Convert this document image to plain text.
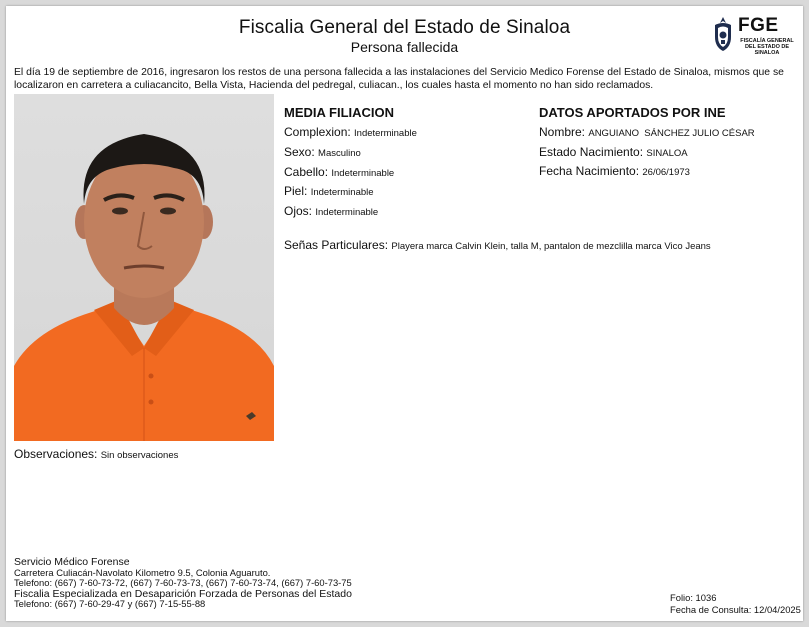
Fiscalia General del Estado de Sinaloa
Persona fallecida
FGE
FISCALÍA GENERAL DEL ESTADO DE SINALOA
El día 19 de septiembre de 2016, ingresaron los restos de una persona fallecida a las instalaciones del Servicio Medico Forense del Estado de Sinaloa, mismos que se localizaron en carretera a culiacancito, Bella Vista, Hacienda del pedregal, culiacan., los cuales hasta el momento no han sido reclamados.
MEDIA FILIACION
Complexion: Indeterminable
Sexo: Masculino
Cabello: Indeterminable
Piel: Indeterminable
Ojos: Indeterminable
DATOS APORTADOS POR INE
Nombre: ANGUIANO  SÁNCHEZ JULIO CÉSAR
Estado Nacimiento: SINALOA
Fecha Nacimiento: 26/06/1973
Señas Particulares: Playera marca Calvin Klein, talla M, pantalon de mezclilla marca Vico Jeans
Observaciones: Sin observaciones
Servicio Médico Forense
Carretera Culiacán-Navolato Kilometro 9.5, Colonia Aguaruto.
Telefono: (667) 7-60-73-72, (667) 7-60-73-73, (667) 7-60-73-74, (667) 7-60-73-75
Fiscalia Especializada en Desaparición Forzada de Personas del Estado
Telefono: (667) 7-60-29-47 y (667) 7-15-55-88
Folio: 1036
Fecha de Consulta: 12/04/2025
